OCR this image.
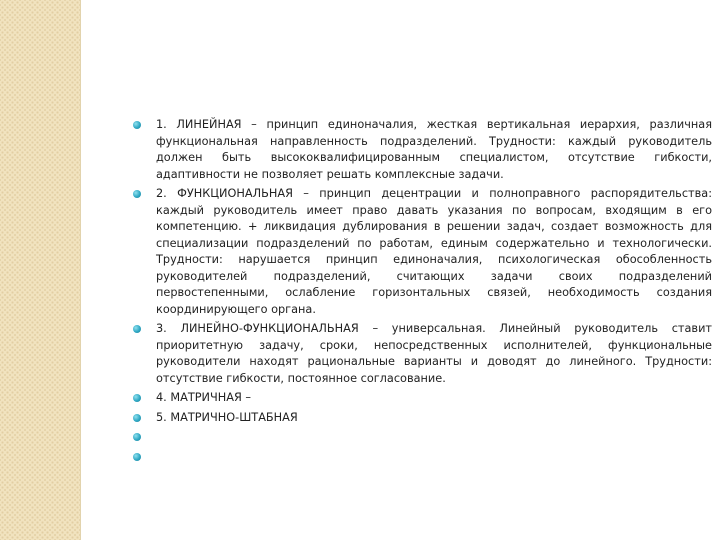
1. ЛИНЕЙНАЯ – принцип единоначалия, жесткая вертикальная иерархия, различная функциональная направленность подразделений. Трудности: каждый руководитель должен быть высококвалифицированным специалистом, отсутствие гибкости, адаптивности не позволяет решать комплексные задачи.
2. ФУНКЦИОНАЛЬНАЯ – принцип децентрации и полноправного распорядительства: каждый руководитель имеет право давать указания по вопросам, входящим в его компетенцию. + ликвидация дублирования в решении задач, создает возможность для специализации подразделений по работам, единым содержательно и технологически. Трудности: нарушается принцип единоначалия, психологическая обособленность руководителей подразделений, считающих задачи своих подразделений первостепенными, ослабление горизонтальных связей, необходимость создания координирующего органа.
3. ЛИНЕЙНО-ФУНКЦИОНАЛЬНАЯ – универсальная. Линейный руководитель ставит приоритетную задачу, сроки, непосредственных исполнителей, функциональные руководители находят рациональные варианты и доводят до линейного. Трудности: отсутствие гибкости, постоянное согласование.
4. МАТРИЧНАЯ –
5. МАТРИЧНО-ШТАБНАЯ
